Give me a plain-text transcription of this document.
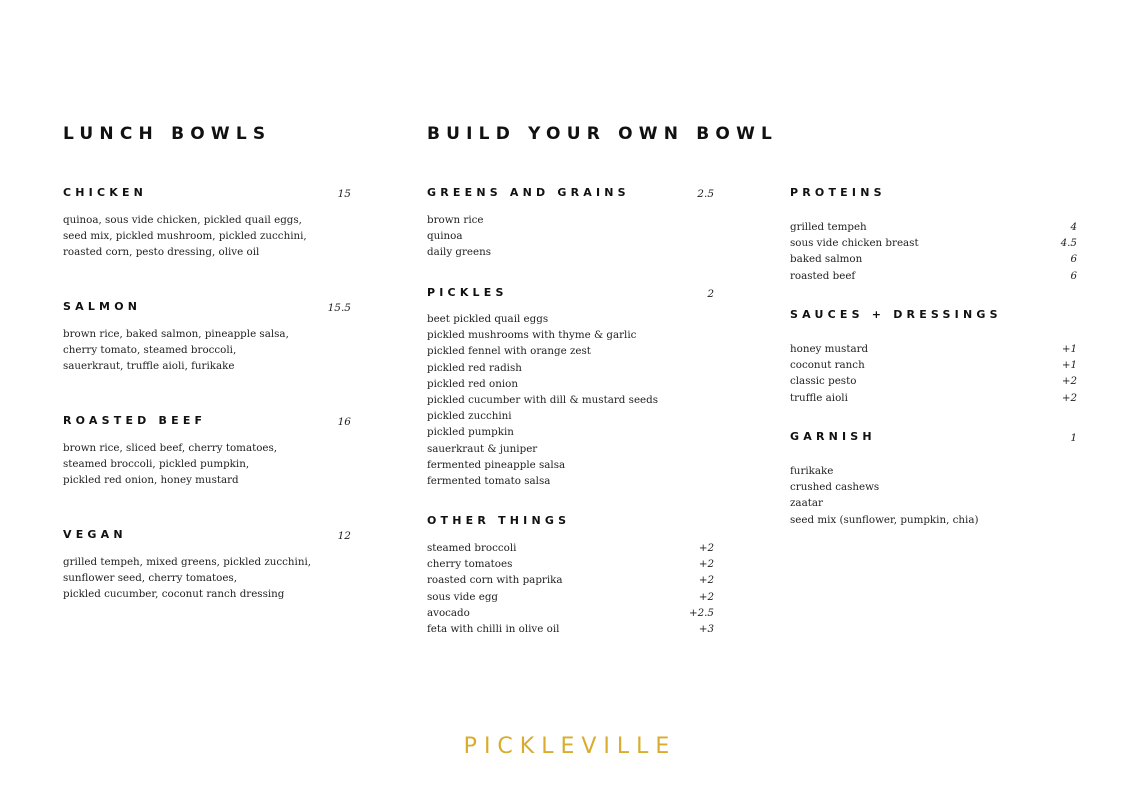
LUNCH BOWLS	BUILD YOUR OWN BOWL
CHICKEN	15
quinoa, sous vide chicken, pickled quail eggs,
seed mix, pickled mushroom, pickled zucchini,
roasted corn, pesto dressing, olive oil
SALMON	15.5
brown rice, baked salmon, pineapple salsa,
cherry tomato, steamed broccoli,
sauerkraut, truffle aioli, furikake
ROASTED BEEF	16
brown rice, sliced beef, cherry tomatoes,
steamed broccoli, pickled pumpkin,
pickled red onion, honey mustard
VEGAN	12
grilled tempeh, mixed greens, pickled zucchini,
sunflower seed, cherry tomatoes,
pickled cucumber, coconut ranch dressing
GREENS AND GRAINS	2.5
brown rice
quinoa
daily greens
PICKLES	2
beet pickled quail eggs
pickled mushrooms with thyme & garlic
pickled fennel with orange zest
pickled red radish
pickled red onion
pickled cucumber with dill & mustard seeds
pickled zucchini
pickled pumpkin
sauerkraut & juniper
fermented pineapple salsa
fermented tomato salsa
OTHER THINGS
steamed broccoli	+2
cherry tomatoes	+2
roasted corn with paprika	+2
sous vide egg	+2
avocado	+2.5
feta with chilli in olive oil	+3
PROTEINS
grilled tempeh	4
sous vide chicken breast	4.5
baked salmon	6
roasted beef	6
SAUCES + DRESSINGS
honey mustard	+1
coconut ranch	+1
classic pesto	+2
truffle aioli	+2
GARNISH	1
furikake
crushed cashews
zaatar
seed mix (sunflower, pumpkin, chia)
PICKLEVILLE
